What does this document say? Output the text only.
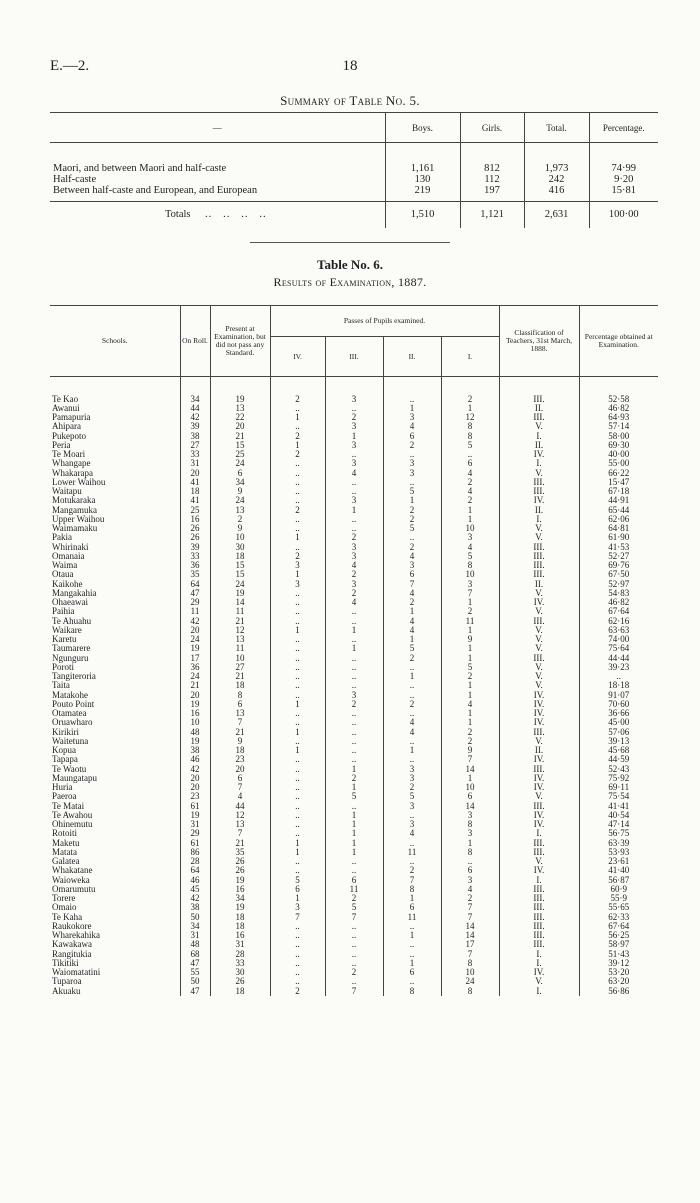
E.—2.	18
Summary of Table No. 5.
—	Boys.	Girls.	Total.	Percentage.

Maori, and between Maori and half-caste	1,161	812	1,973	74·99
Half-caste	130	112	242	9·20
Between half-caste and European, and European	219	197	416	15·81

Totals    ..   ..   ..   ..	1,510	1,121	2,631	100·00
Table No. 6.
Results of Examination, 1887.
Schools.	On Roll.	Present at Examination, but did not pass any Standard.	Passes of Pupils examined.				Classification of Teachers, 31st March, 1888.	Percentage obtained at Examination.
			IV.	III.	II.	I.		

Te Kao	34	19	2	3	..	2	III.	52·58
Awanui	44	13	..	..	1	1	II.	46·82
Pamapuria	42	22	1	2	3	12	III.	64·93
Ahipara	39	20	..	3	4	8	V.	57·14
Pukepoto	38	21	2	1	6	8	I.	58·00
Peria	27	15	1	3	2	5	II.	69·30
Te Moari	33	25	2	..	..	..	IV.	40·00
Whangape	31	24	..	3	3	6	I.	55·00
Whakarapa	20	6	..	4	3	4	V.	66·22
Lower Waihou	41	34	..	..	..	2	III.	15·47
Waitapu	18	9	..	..	5	4	III.	67·18
Motukaraka	41	24	..	3	1	2	IV.	44·91
Mangamuka	25	13	2	1	2	1	II.	65·44
Upper Waihou	16	2	..	..	2	1	I.	62·06
Waimamaku	26	9	..	..	5	10	V.	64·81
Pakia	26	10	1	2	..	3	V.	61·90
Whirinaki	39	30	..	3	2	4	III.	41·53
Omanaia	33	18	2	3	4	5	III.	52·27
Waima	36	15	3	4	3	8	III.	69·76
Otaua	35	15	1	2	6	10	III.	67·50
Kaikohe	64	24	3	3	7	3	II.	52·97
Mangakahia	47	19	..	2	4	7	V.	54·83
Ohaeawai	29	14	..	4	2	1	IV.	46·82
Paihia	11	11	..	..	1	2	V.	67·64
Te Ahuahu	42	21	..	..	4	11	III.	62·16
Waikare	20	12	1	1	4	1	V.	63·63
Karetu	24	13	..	..	1	9	V.	74·00
Taumarere	19	11	..	1	5	1	V.	75·64
Ngunguru	17	10	..	..	2	1	III.	44·44
Poroti	36	27	..	..	..	5	V.	39·23
Tangiteroria	24	21	..	..	1	2	V.	..
Taita	21	18	..	..	..	1	V.	18·18
Matakohe	20	8	..	3	..	1	IV.	91·07
Pouto Point	19	6	1	2	2	4	IV.	70·60
Otamatea	16	13	..	..	..	1	IV.	36·66
Oruawharo	10	7	..	..	4	1	IV.	45·00
Kirikiri	48	21	1	..	4	2	III.	57·06
Waitetuna	19	9	..	..	..	2	V.	39·13
Kopua	38	18	1	..	1	9	II.	45·68
Tapapa	46	23	..	..	..	7	IV.	44·59
Te Waotu	42	20	..	1	3	14	III.	52·43
Maungatapu	20	6	..	2	3	1	IV.	75·92
Huria	20	7	..	1	2	10	IV.	69·11
Paeroa	23	4	..	5	5	6	V.	75·54
Te Matai	61	44	..	..	3	14	III.	41·41
Te Awahou	19	12	..	1	..	3	IV.	40·54
Ohinemutu	31	13	..	1	3	8	IV.	47·14
Rotoiti	29	7	..	1	4	3	I.	56·75
Maketu	61	21	1	1	..	1	III.	63·39
Matata	86	35	1	1	11	8	III.	53·93
Galatea	28	26	..	..	..	..	V.	23·61
Whakatane	64	26	..	..	2	6	IV.	41·40
Waioweka	46	19	5	6	7	3	I.	56·87
Omarumutu	45	16	6	11	8	4	III.	60·9
Torere	42	34	1	2	1	2	III.	55·9
Omaio	38	19	3	5	6	7	III.	55·65
Te Kaha	50	18	7	7	11	7	III.	62·33
Raukokore	34	18	..	..	..	14	III.	67·64
Wharekahika	31	16	..	..	1	14	III.	56·25
Kawakawa	48	31	..	..	..	17	III.	58·97
Rangitukia	68	28	..	..	..	7	I.	51·43
Tikitiki	47	33	..	..	1	8	I.	39·12
Waiomatatini	55	30	..	2	6	10	IV.	53·20
Tuparoa	50	26	..	..	..	24	V.	63·20
Akuaku	47	18	2	7	8	8	I.	56·86
